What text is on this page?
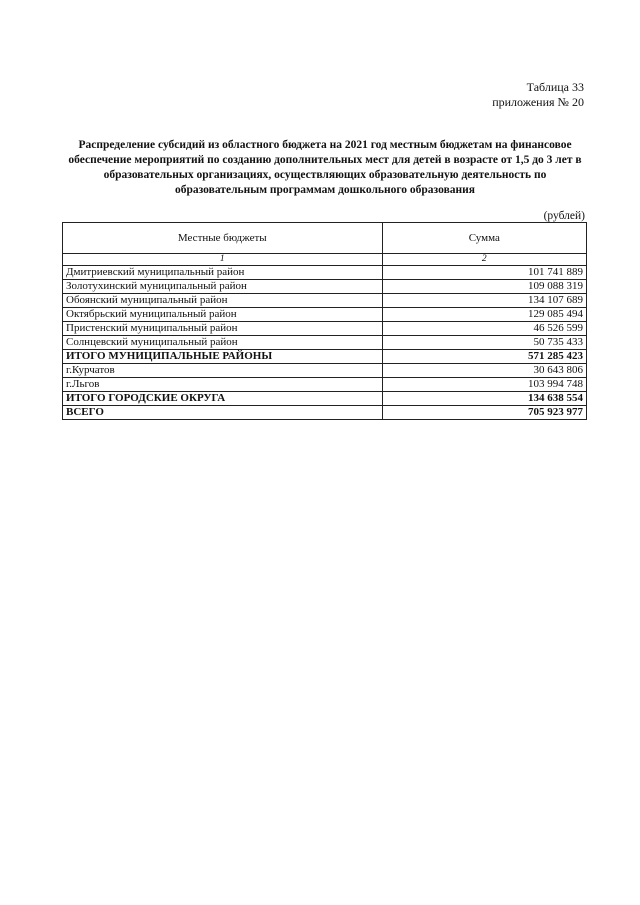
Таблица 33
приложения № 20
Распределение субсидий из областного бюджета на 2021 год местным бюджетам на финансовое обеспечение мероприятий по созданию дополнительных мест для детей в возрасте от 1,5 до 3 лет в образовательных организациях, осуществляющих образовательную деятельность по образовательным программам дошкольного образования
(рублей)
Местные бюджеты	Сумма
1	2
Дмитриевский муниципальный район	101 741 889
Золотухинский муниципальный район	109 088 319
Обоянский муниципальный район	134 107 689
Октябрьский муниципальный район	129 085 494
Пристенский муниципальный район	46 526 599
Солнцевский муниципальный район	50 735 433
ИТОГО МУНИЦИПАЛЬНЫЕ РАЙОНЫ	571 285 423
г.Курчатов	30 643 806
г.Льгов	103 994 748
ИТОГО ГОРОДСКИЕ ОКРУГА	134 638 554
ВСЕГО	705 923 977
